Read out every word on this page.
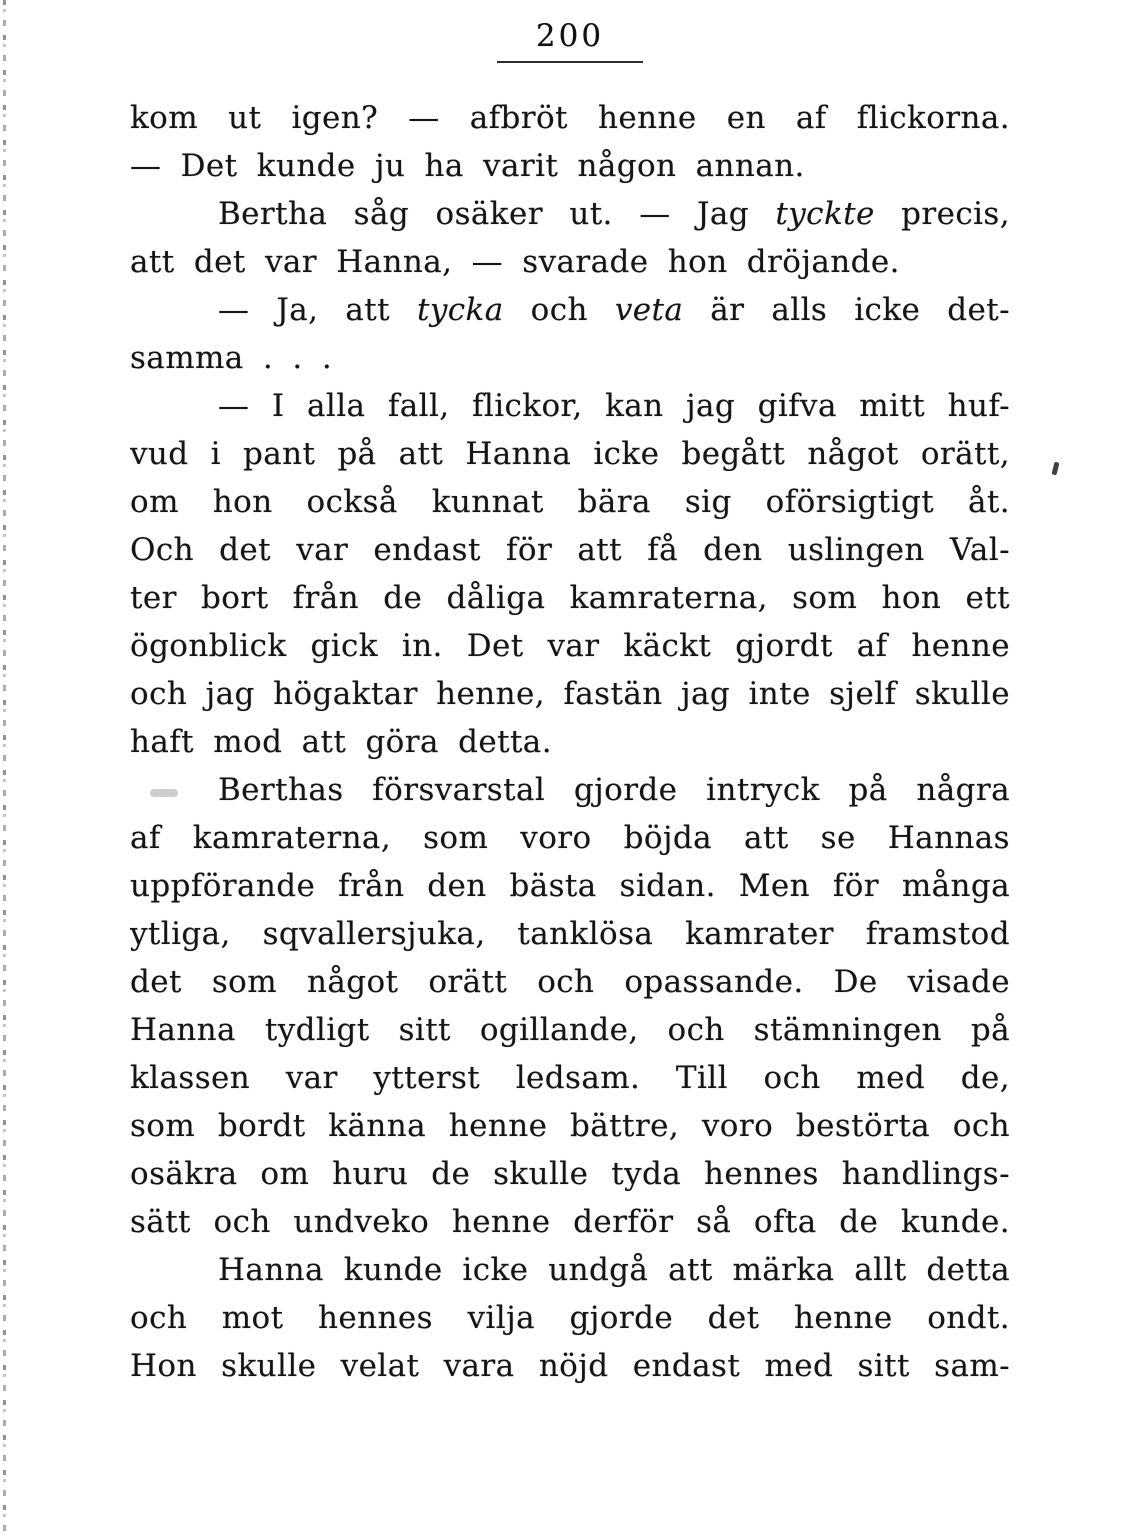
200
kom ut igen? — afbröt henne en af flickorna.
— Det kunde ju ha varit någon annan.
Bertha såg osäker ut. — Jag tyckte precis,
att det var Hanna, — svarade hon dröjande.
— Ja, att tycka och veta är alls icke det-
samma . . .
— I alla fall, flickor, kan jag gifva mitt huf-
vud i pant på att Hanna icke begått något orätt,
om hon också kunnat bära sig oförsigtigt åt.
Och det var endast för att få den uslingen Val-
ter bort från de dåliga kamraterna, som hon ett
ögonblick gick in. Det var käckt gjordt af henne
och jag högaktar henne, fastän jag inte sjelf skulle
haft mod att göra detta.
Berthas försvarstal gjorde intryck på några
af kamraterna, som voro böjda att se Hannas
uppförande från den bästa sidan. Men för många
ytliga, sqvallersjuka, tanklösa kamrater framstod
det som något orätt och opassande. De visade
Hanna tydligt sitt ogillande, och stämningen på
klassen var ytterst ledsam. Till och med de,
som bordt känna henne bättre, voro bestörta och
osäkra om huru de skulle tyda hennes handlings-
sätt och undveko henne derför så ofta de kunde.
Hanna kunde icke undgå att märka allt detta
och mot hennes vilja gjorde det henne ondt.
Hon skulle velat vara nöjd endast med sitt sam-
